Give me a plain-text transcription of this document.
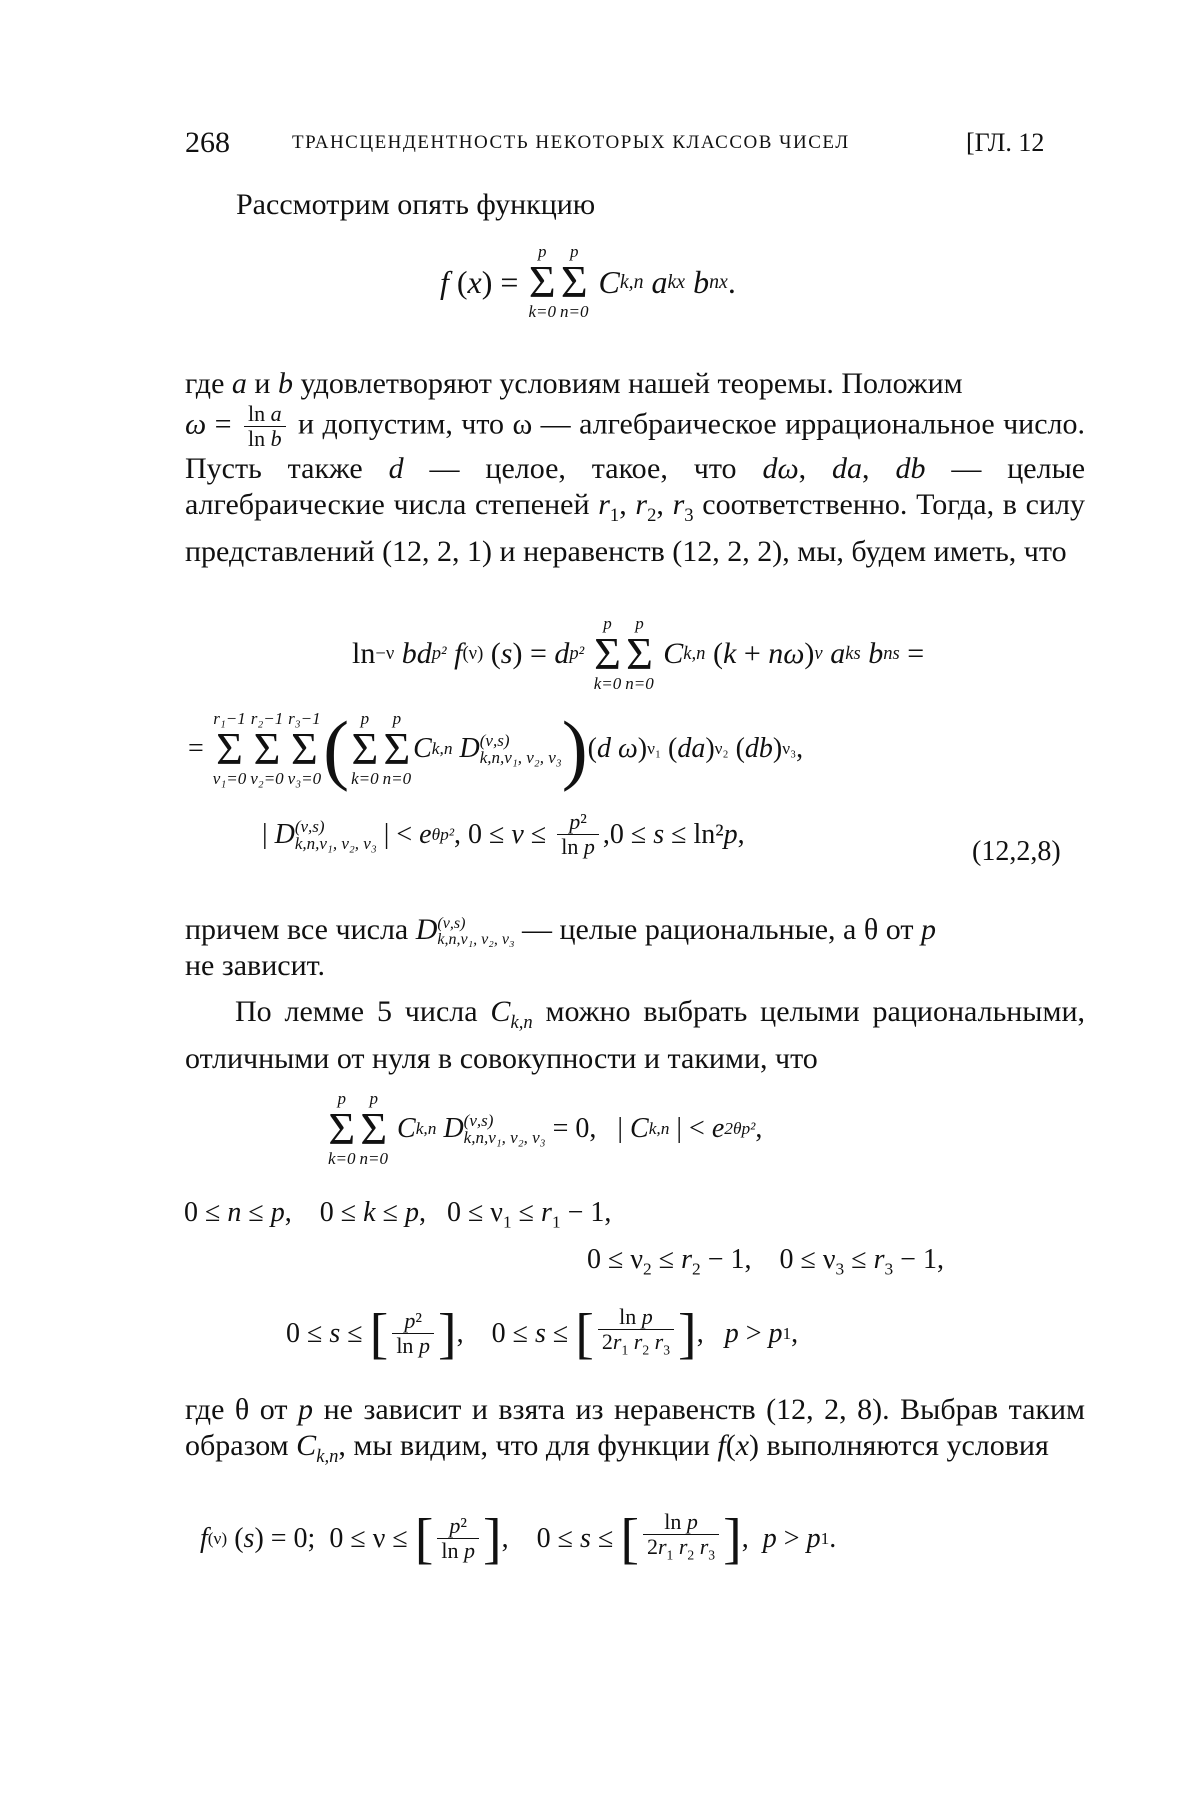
268	ТРАНСЦЕНДЕНТНОСТЬ НЕКОТОРЫХ КЛАССОВ ЧИСЕЛ	[ГЛ. 12
Рассмотрим опять функцию
f ( x ) =
p
Σ
k=0
p
Σ
n=0

C k,n
a kx
b nx .

где a и b удовлетворяют условиям нашей теоремы. Положим

$\omega = \frac{\text{ln a}}{\text{ln b}}$ и допустим, что ω — алгебраическое иррациональное число. Пусть также d — целое, такое, что dω, da, db — целые алгебраические числа степеней $r_1$, $r_2$, $r_3$ соответственно. Тогда, в силу представлений (12, 2, 1) и неравенств (12, 2, 2), мы, будем иметь, что

ln −ν
bd p²
f (ν) ( s ) = d p²

p
Σ
k=0
p
Σ
n=0

C k,n ( k + nω ) ν
a ks
b ns =
=
r₁−1
Σ
ν₁=0
r₂−1
Σ
ν₂=0
r₃−1
Σ
ν₃=0 ( p
Σ
k=0
p
Σ
n=0
C k,n
D (ν,s)
k,n,ν₁, ν₂, ν₃ ) ( d ω ) ν₁ ( da ) ν₂ ( db ) ν₃ ,
| D (ν,s)
k,n,ν₁, ν₂, ν₃ | < e θp² , $0 \le \nu \le \frac{\text{p²}}{\text{ln p}} ,0 \le s \le \ln^2$ p ,
(12,2,8)

причем все числа D (ν,s)
k,n,ν₁, ν₂, ν₃ — целые рациональные, а θ от p

не зависит.

По лемме 5 числа $C_{k,n}$ можно выбрать целыми рациональными, отличными от нуля в совокупности и такими, что

p
Σ
k=0
p
Σ
n=0

C k,n
D (ν,s)
k,n,ν₁, ν₂, ν₃ = 0,   | C k,n | < e 2θp² ,
0 ≤ n ≤ p,    0 ≤ k ≤ p,   $0 \le \nu_1 \le r_1 - 1$,
$0 \le \nu_2 \le r_2 - 1$,    $0 \le \nu_3 \le r_3 - 1$,
0 ≤ s ≤ [ $\frac{\text{p²}}{\text{ln p}}$ ] ,    0 ≤ s ≤ [ $\frac{\text{ln p}}{2r_1 r_2 r_3}$ ] , p > p 1 ,

где θ от p не зависит и взята из неравенств (12, 2, 8). Выбрав таким образом $C_{k,n}$, мы видим, что для функции f(x) выполняются условия

f (ν) ( s ) = 0;  0 ≤ ν ≤ [ $\frac{\text{p²}}{\text{ln p}}$ ] ,    0 ≤ s ≤ [ $\frac{\text{ln p}}{2r_1 r_2 r_3}$ ] , p > p 1 .
